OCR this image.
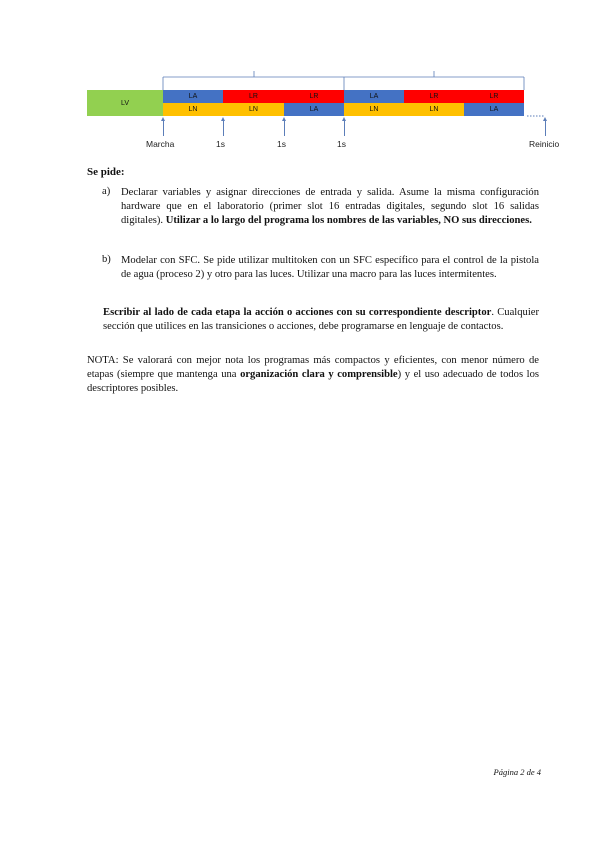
LV
LA	LR	LR	LA	LR	LR
LN	LN	LA	LN	LN	LA
Marcha	1s	1s	1s	Reinicio
Se pide:
a) Declarar variables y asignar direcciones de entrada y salida. Asume la misma configuración hardware que en el laboratorio (primer slot 16 entradas digitales, segundo slot 16 salidas digitales). Utilizar a lo largo del programa los nombres de las variables, NO sus direcciones.
b) Modelar con SFC. Se pide utilizar multitoken con un SFC específico para el control de la pistola de agua (proceso 2) y otro para las luces. Utilizar una macro para las luces intermitentes.
Escribir al lado de cada etapa la acción o acciones con su correspondiente descriptor. Cualquier sección que utilices en las transiciones o acciones, debe programarse en lenguaje de contactos.
NOTA: Se valorará con mejor nota los programas más compactos y eficientes, con menor número de etapas (siempre que mantenga una organización clara y comprensible) y el uso adecuado de todos los descriptores posibles.
Página 2 de 4
